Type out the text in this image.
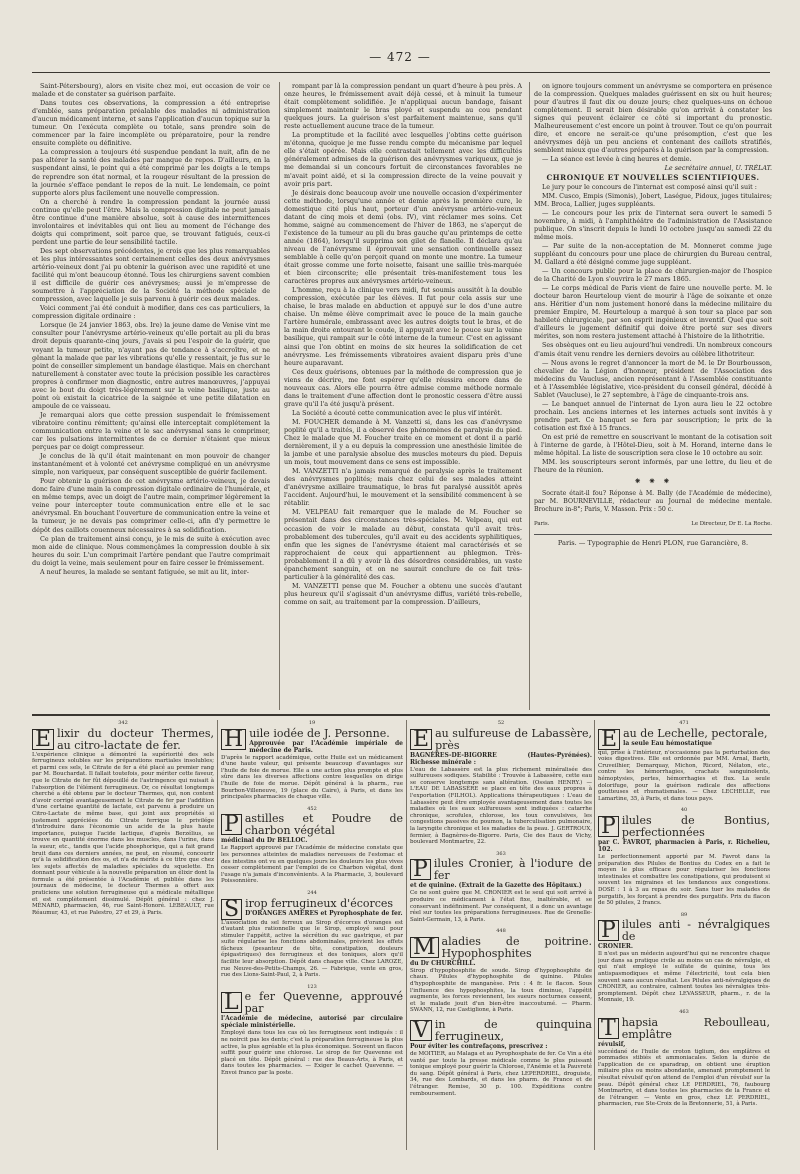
— 472 —

Saint-Pétersbourg), alors en visite chez moi, eut occasion de voir ce malade et de constater sa guérison parfaite.

Dans toutes ces observations, la compression a été entreprise d'emblée, sans préparation préalable des malades ni administration d'aucun médicament interne, et sans l'application d'aucun topique sur la tumeur. On l'exécuta complète ou totale, sans prendre soin de commencer par la faire incomplète ou préparatoire, pour la rendre ensuite complète ou définitive.

La compression a toujours été suspendue pendant la nuit, afin de ne pas altérer la santé des malades par manque de repos. D'ailleurs, en la suspendant ainsi, le point qui a été comprimé par les doigts a le temps de reprendre son état normal, et la rougeur résultant de la pression de la journée s'efface pendant le repos de la nuit. Le lendemain, ce point supporte alors plus facilement une nouvelle compression.

On a cherché à rendre la compression pendant la journée aussi continue qu'elle peut l'être. Mais la compression digitale ne peut jamais être continue d'une manière absolue, soit à cause des intermittences involontaires et inévitables qui ont lieu au moment de l'échange des doigts qui compriment, soit parce que, se trouvant fatigués, ceux-ci perdent une partie de leur sensibilité tactile.

Des sept observations précédentes, je crois que les plus remarquables et les plus intéressantes sont certainement celles des deux anévrysmes artério-veineux dont j'ai pu obtenir la guérison avec une rapidité et une facilité qui m'ont beaucoup étonné. Tous les chirurgiens savent combien il est difficile de guérir ces anévrysmes; aussi je m'empresse de soumettre à l'appréciation de la Société la méthode spéciale de compression, avec laquelle je suis parvenu à guérir ces deux malades.

Voici comment j'ai été conduit à modifier, dans ces cas particuliers, la compression digitale ordinaire :

Lorsque (le 24 janvier 1863, obs. Ire) la jeune dame de Venise vint me consulter pour l'anévrysme artério-veineux qu'elle portait au pli du bras droit depuis quarante-cinq jours, j'avais si peu l'espoir de la guérir, que voyant la tumeur petite, n'ayant pas de tendance à s'accroître, et ne gênant la malade que par les vibrations qu'elle y ressentait, je fus sur le point de conseiller simplement un bandage élastique. Mais en cherchant naturellement à constater avec toute la précision possible les caractères propres à confirmer mon diagnostic, entre autres manœuvres, j'appuyai avec le bout du doigt très-légèrement sur la veine basilique, juste au point où existait la cicatrice de la saignée et une petite dilatation en ampoule de ce vaisseau.

Je remarquai alors que cette pression suspendait le frémissement vibratoire continu rémittent; qu'ainsi elle interceptait complétement la communication entre la veine et le sac anévrysmal sans le comprimer, car les pulsations intermittentes de ce dernier n'étaient que mieux perçues par ce doigt compresseur.

Je conclus de là qu'il était maintenant en mon pouvoir de changer instantanément et à volonté cet anévrysme compliqué en un anévrysme simple, non variqueux, par conséquent susceptible de guérir facilement.

Pour obtenir la guérison de cet anévrysme artério-veineux, je devais donc faire d'une main la compression digitale ordinaire de l'humérale, et en même temps, avec un doigt de l'autre main, comprimer légèrement la veine pour intercepter toute communication entre elle et le sac anévrysmal. En bouchant l'ouverture de communication entre la veine et la tumeur, je ne devais pas comprimer celle-ci, afin d'y permettre le dépôt des caillots couenneux nécessaires à sa solidification.

Ce plan de traitement ainsi conçu, je le mis de suite à exécution avec mon aide de clinique. Nous commençâmes la compression double à six heures du soir. L'un comprimait l'artère pendant que l'autre comprimait du doigt la veine, mais seulement pour en faire cesser le frémissement.

A neuf heures, la malade se sentant fatiguée, se mit au lit, inter-

rompant par là la compression pendant un quart d'heure à peu près. A onze heures, le frémissement avait déjà cessé, et à minuit la tumeur était complètement solidifiée. Je n'appliquai aucun bandage, faisant simplement maintenir le bras ployé et suspendu au cou pendant quelques jours. La guérison s'est parfaitement maintenue, sans qu'il reste actuellement aucune trace de la tumeur.

La promptitude et la facilité avec lesquelles j'obtins cette guérison m'étonna, quoique je me fusse rendu compte du mécanisme par lequel elle s'était opérée. Mais elle contrastait tellement avec les difficultés généralement admises de la guérison des anévrysmes variqueux, que je me demandai si un concours fortuit de circonstances favorables ne m'avait point aidé, et si la compression directe de la veine pouvait y avoir pris part.

Je désirais donc beaucoup avoir une nouvelle occasion d'expérimenter cette méthode, lorsqu'une année et demie après la première cure, le domestique cité plus haut, porteur d'un anévrysme artério-veineux datant de cinq mois et demi (obs. IV), vint réclamer mes soins. Cet homme, saigné au commencement de l'hiver de 1863, ne s'aperçut de l'existence de la tumeur au pli du bras gauche qu'au printemps de cette année (1864), lorsqu'il supprima son gilet de flanelle. Il déclara qu'au niveau de l'anévrysme il éprouvait une sensation continuelle assez semblable à celle qu'on perçoit quand on monte une montre. La tumeur était grosse comme une forte noisette, faisant une saillie très-marquée et bien circonscrite; elle présentait très-manifestement tous les caractères propres aux anévrysmes artério-veineux.

L'homme, reçu à la clinique vers midi, fut soumis aussitôt à la double compression, exécutée par les élèves. Il fut pour cela assis sur une chaise, le bras malade en abduction et appuyé sur le dos d'une autre chaise. Un même élève comprimait avec le pouce de la main gauche l'artère humérale, embrassant avec les autres doigts tout le bras, et de la main droite entourant le coude, il appuyait avec le pouce sur la veine basilique, qui rampait sur le côté interne de la tumeur. C'est en agissant ainsi que l'on obtint en moins de six heures la solidification de cet anévrysme. Les frémissements vibratoires avaient disparu près d'une heure auparavant.

Ces deux guérisons, obtenues par la méthode de compression que je viens de décrire, me font espérer qu'elle réussira encore dans de nouveaux cas. Alors elle pourra être admise comme méthode normale dans le traitement d'une affection dont le pronostic cessera d'être aussi grave qu'il l'a été jusqu'à présent.

La Société a écouté cette communication avec le plus vif intérêt.

M. FOUCHER demande à M. Vanzetti si, dans les cas d'anévrysme poplité qu'il a traités, il a observé des phénomènes de paralysie du pied. Chez le malade que M. Foucher traite en ce moment et dont il a parlé dernièrement, il y a eu depuis la compression une anesthésie limitée de la jambe et une paralysie absolue des muscles moteurs du pied. Depuis un mois, tout mouvement dans ce sens est impossible.

M. VANZETTI n'a jamais remarqué de paralysie après le traitement des anévrysmes poplités; mais chez celui de ses malades atteint d'anévrysme axillaire traumatique, le bras fut paralysé aussitôt après l'accident. Aujourd'hui, le mouvement et la sensibilité commencent à se rétablir.

M. VELPEAU fait remarquer que le malade de M. Foucher se présentait dans des circonstances très-spéciales. M. Velpeau, qui eut occasion de voir le malade au début, constata qu'il avait très-probablement des tubercules, qu'il avait eu des accidents syphilitiques, enfin que les signes de l'anévrysme étaient mal caractérisés et se rapprochaient de ceux qui appartiennent au phlegmon. Très-probablement il a dû y avoir là des désordres considérables, un vaste épanchement sanguin, et on ne saurait conclure de ce fait très-particulier à la généralité des cas.

M. VANZETTI pense que M. Foucher a obtenu une succès d'autant plus heureux qu'il s'agissait d'un anévrysme diffus, variété très-rebelle, comme on sait, au traitement par la compression. D'ailleurs,

on ignore toujours comment un anévrysme se comportera en présence de la compression. Quelques malades guérissent en six ou huit heures; pour d'autres il faut dix ou douze jours; chez quelques-uns on échoue complètement. Il serait bien désirable qu'on arrivât à constater les signes qui peuvent éclairer ce côté si important du pronostic. Malheureusement c'est encore un point à trouver. Tout ce qu'on pourrait dire, et encore ne serait-ce qu'une présomption, c'est que les anévrysmes déjà un peu anciens et contenant des caillots stratifiés, semblent mieux que d'autres préparés à la guérison par la compression.

— La séance est levée à cinq heures et demie.

Le secrétaire annuel, U. TRÉLAT.

CHRONIQUE ET NOUVELLES SCIENTIFIQUES.

Le jury pour le concours de l'internat est composé ainsi qu'il suit :

MM. Cusco, Empis (Simonis), Jobert, Laségue, Pidoux, juges titulaires; MM. Broca, Lallier, juges suppléants.

— Le concours pour les prix de l'internat sera ouvert le samedi 5 novembre, à midi, à l'amphithéâtre de l'administration de l'Assistance publique. On s'inscrit depuis le lundi 10 octobre jusqu'au samedi 22 du même mois.

— Par suite de la non-acceptation de M. Monneret comme juge suppléant du concours pour une place de chirurgien du Bureau central, M. Gallard a été désigné comme juge suppléant.

— Un concours public pour la place de chirurgien-major de l'hospice de la Charité de Lyon s'ouvrira le 27 mars 1865.

— Le corps médical de Paris vient de faire une nouvelle perte. M. le docteur baron Heurteloup vient de mourir à l'âge de soixante et onze ans. Héritier d'un nom justement honoré dans la médecine militaire du premier Empire, M. Heurteloup a marqué à son tour sa place par son habileté chirurgicale, par son esprit ingénieux et inventif. Quel que soit d'ailleurs le jugement définitif qui doive être porté sur ses divers mérites, son nom restera justement attaché à l'histoire de la lithotritie.

Ses obsèques ont eu lieu aujourd'hui vendredi. Un nombreux concours d'amis était venu rendre les derniers devoirs au célèbre lithotriteur.

— Nous avons le regret d'annoncer la mort de M. le Dr Bourbousson, chevalier de la Légion d'honneur, président de l'Association des médecins du Vaucluse, ancien représentant à l'Assemblée constituante et à l'Assemblée législative, vice-président du conseil général, décédé à Sablet (Vaucluse), le 27 septembre, à l'âge de cinquante-trois ans.

— Le banquet annuel de l'internat de Lyon aura lieu le 22 octobre prochain. Les anciens internes et les internes actuels sont invités à y prendre part. Ce banquet se fera par souscription; le prix de la cotisation est fixé à 15 francs.

On est prié de remettre en souscrivant le montant de la cotisation soit à l'interne de garde, à l'Hôtel-Dieu, soit à M. Horand, interne dans le même hôpital. La liste de souscription sera close le 10 octobre au soir.

MM. les souscripteurs seront informés, par une lettre, du lieu et de l'heure de la réunion.

⁕ ⁕ ⁕

Socrate était-il fou? Réponse à M. Bally (de l'Académie de médecine), par M. BOURNEVILLE, rédacteur au Journal de médecine mentale. Brochure in-8°; Paris, V. Masson. Prix : 50 c.

Paris.	Le Directeur, Dr E. La Roche.
Paris. — Typographie de Henri PLON, rue Garancière, 8.
342
E lixir du docteur Thermes, au citro-lactate de fer.
L'expérience clinique a démontré la supériorité des sels ferrugineux solubles sur les préparations martiales insolubles; et parmi ces sels, le Citrate de fer a été placé au premier rang par M. Bouchardat. Il fallait toutefois, pour mériter cette faveur, que le Citrate de fer fût dépouillé de l'astringence qui nuisait à l'absorption de l'élément ferrugineux. Or, ce résultat longtemps cherché a été obtenu par le docteur Thermes, qui, non content d'avoir corrigé avantageusement le Citrate de fer par l'addition d'une certaine quantité de lactate, est parvenu à produire un Citro-Lactate de même base, qui joint aux propriétés si justement appréciées du Citrate ferrique le privilége d'introduire dans l'économie un acide de la plus haute importance, puisque l'acide lactique, d'après Berzélius, se trouve en quantité énorme dans les muscles, dans l'urine, dans la sueur, etc., tandis que l'acide phosphorique, qui a fait grand bruit dans ces derniers années, ne peut, en résumé, concourir qu'à la solidification des os, et n'a de mérite à ce titre que chez les sujets affectés de maladies spéciales du squelette. En donnant pour véhicule à la nouvelle préparation un élixir dont la formule a été présentée à l'Académie et publiée dans les journaux de médecine, le docteur Thermes a offert aux praticiens une solution ferrugineuse qui a médicale métallique et est complètement dissimulé. Dépôt général : chez J. MÉNARD, pharmacien, 46, rue Saint-Honoré. LEBEAULT, rue Réaumur, 43, et rue Palestro, 27 et 29, à Paris.
19
H uile iodée de J. Personne.
Approuvée par l'Académie impériale de médecine de Paris.
D'après le rapport académique, cette Huile est un médicament d'une haute valeur, qui présente beaucoup d'avantages sur l'huile de foie de morue. Elle a une action plus prompte et plus sûre dans les diverses affections contre lesquelles on dirige l'huile de foie de morue. Dépôt général à la pharm., rue Bourbon-Villeneuve, 19 (place du Caire), à Paris, et dans les principales pharmacies de chaque ville.
452
P astilles et Poudre de charbon végétal
médicinal du Dr BELLOC.
Le Rapport approuvé par l'Académie de médecine constate que les personnes atteintes de maladies nerveuses de l'estomac et des intestins ont vu en quelques jours les douleurs les plus vives cesser complètement par l'emploi de ce Charbon végétal, dont l'usage n'a jamais d'inconvénients. A la Pharmacie, 3, boulevard Poissonnière.
244
S irop ferrugineux d'écorces
D'ORANGES AMÈRES et Pyrophosphate de fer.
L'association du sel ferreux au Sirop d'écorces d'oranges est d'autant plus rationnelle que le Sirop, employé seul pour stimuler l'appétit, active la sécrétion du suc gastrique, et par suite régularise les fonctions abdominales, prévient les effets fâcheux (pesanteur de tête, constipation, douleurs épigastriques) des ferrugineux et des toniques, alors qu'il facilite leur absorption. Dépôt dans chaque ville. Chez LAROZE, rue Neuve-des-Petits-Champs, 26. — Fabrique, vente en gros, rue des Lions-Saint-Paul, 2, à Paris.
123
L e fer Quevenne, approuvé par
l'Académie de médecine, autorisé par circulaire spéciale ministérielle.
Employé dans tous les cas où les ferrugineux sont indiqués : il ne noircit pas les dents; c'est la préparation ferrugineuse la plus active, la plus agréable et la plus économique. Souvent un flacon suffit pour guérir une chlorose. Le sirop de fer Quevenne est placé en tête. Dépôt général : rue des Beaux-Arts, à Paris, et dans toutes les pharmacies. — Exiger le cachet Quevenne. — Envoi franco par la poste.
52
E au sulfureuse de Labassère, près
BAGNÈRES-DE-BIGORRE (Hautes-Pyrénées). Richesse minérale :
L'eau de Labassère est la plus richement minéralisée des sulfureuses sodiques. Stabilité : Trouvée à Labassère, cette eau se conserve longtemps sans altération. (Ossian HENRY.) — L'EAU DE LABASSÈRE se place en tête des eaux propres à l'exportation (FILHOL). Applications thérapeutiques : L'eau de Labassère peut être employée avantageusement dans toutes les maladies où les eaux sulfureuses sont indiquées : catarrhe chronique, scrofules, chlorose, les toux convulsives, les congestions passives du poumon, la tuberculisation pulmonaire, la laryngite chronique et les maladies de la peau. J. GERTROUX, fermier, à Bagnères-de-Bigorre. Paris, Cie des Eaux de Vichy, boulevard Montmartre, 22.
363
P ilules Cronier, à l'iodure de fer
et de quinine. (Extrait de la Gazette des Hôpitaux.)
Ce ne sont guère que M. CRONIER est le seul qui soit arrivé à produire ce médicament à l'état fixe, inaltérable, et se conservant indéfiniment. Par conséquent, il a donc un avantage réel sur toutes les préparations ferrugineuses. Rue de Grenelle-Saint-Germain, 13, à Paris.
448
M aladies de poitrine. Hypophosphites
du Dr CHURCHILL.
Sirop d'hypophosphite de soude. Sirop d'hypophosphite de chaux. Pilules d'hypophosphite de quinine. Pilules d'hypophosphite de manganèse. Prix : 4 fr. le flacon. Sous l'influence des hypophosphites, la toux diminue, l'appétit augmente, les forces reviennent, les sueurs nocturnes cessent, et le malade jouit d'un bien-être inaccoutumé. — Pharm. SWANN, 12, rue Castiglione, à Paris.
V in de quinquina ferrugineux,
Pour éviter les contrefaçons, prescrivez :
de MOITIER, au Malaga et au Pyrophosphate de fer. Ce Vin a été vanté par toute la presse médicale comme le plus puissant tonique employé pour guérir la Chlorose, l'Anémie et la Pauvreté du sang. Dépôt général à Paris, chez LEPERDRIEL, droguiste, 34, rue des Lombards, et dans les pharm. de France et de l'étranger. Remise, 30 p. 100. Expéditions contre remboursement.
471
E au de Lechelle, pectorale,
la seule Eau hémostatique
qui, prise à l'intérieur, n'occasionne pas la perturbation des voies digestives. Elle est ordonnée par MM. Arnal, Barth, Cruveilhier, Demarquay, Michon, Ricord, Nélaton, etc., contre les hémorrhagies, crachats sanguinolents, hémoptysies, pertes, hémorrhagies et flux. La seule dolorifuge, pour la guérison radicale des affections goutteuses et rhumatismales. — Chez LECHELLE, rue Lamartine, 35, à Paris, et dans tous pays.
40
P ilules de Bontius, perfectionnées
par C. FAVROT, pharmacien à Paris, r. Richelieu, 102.
Le perfectionnement apporté par M. Favrot dans la préparation des Pilules de Bontius du Codex en a fait le moyen le plus efficace pour régulariser les fonctions intestinales et combattre les constipations, qui produisent si souvent les migraines et les tendances aux congestions. DOSE : 1 à 3 au repas du soir. Sans tuer les malades de purgatifs, les forçant à prendre des purgatifs. Prix du flacon de 50 pilules, 2 francs.
89
P ilules anti - névralgiques de
CRONIER.
Il n'est pas un médecin aujourd'hui qui ne rencontre chaque jour dans sa pratique civile au moins un cas de névralgie, et qui n'ait employé le sulfate de quinine, tous les antispasmodiques et même l'électricité, tout cela bien souvent sans aucun résultat. Les Pilules anti-névralgiques de CRONIER, au contraire, calment toutes les névralgies très-promptement. Dépôt chez LEVASSEUR, pharm., r. de la Monnaie, 19.
463
T hapsia Reboulleau, emplâtre
révulsif,
succédané de l'huile de croton tiglium, des emplâtres et pommades stibiés et ammoniacales. Selon la durée de l'application de ce sparadrap, on obtient une éruption miliaire plus ou moins abondante, amenant promptement le résultat révulsif qu'on attend de l'emploi d'un révulsif sur la peau. Dépôt général chez LE PERDRIEL, 76, faubourg Montmartre, et dans toutes les pharmacies de la France et de l'étranger. — Vente en gros, chez LE PERDRIEL, pharmacien, rue Ste-Croix de la Bretonnerie, 51, à Paris.
